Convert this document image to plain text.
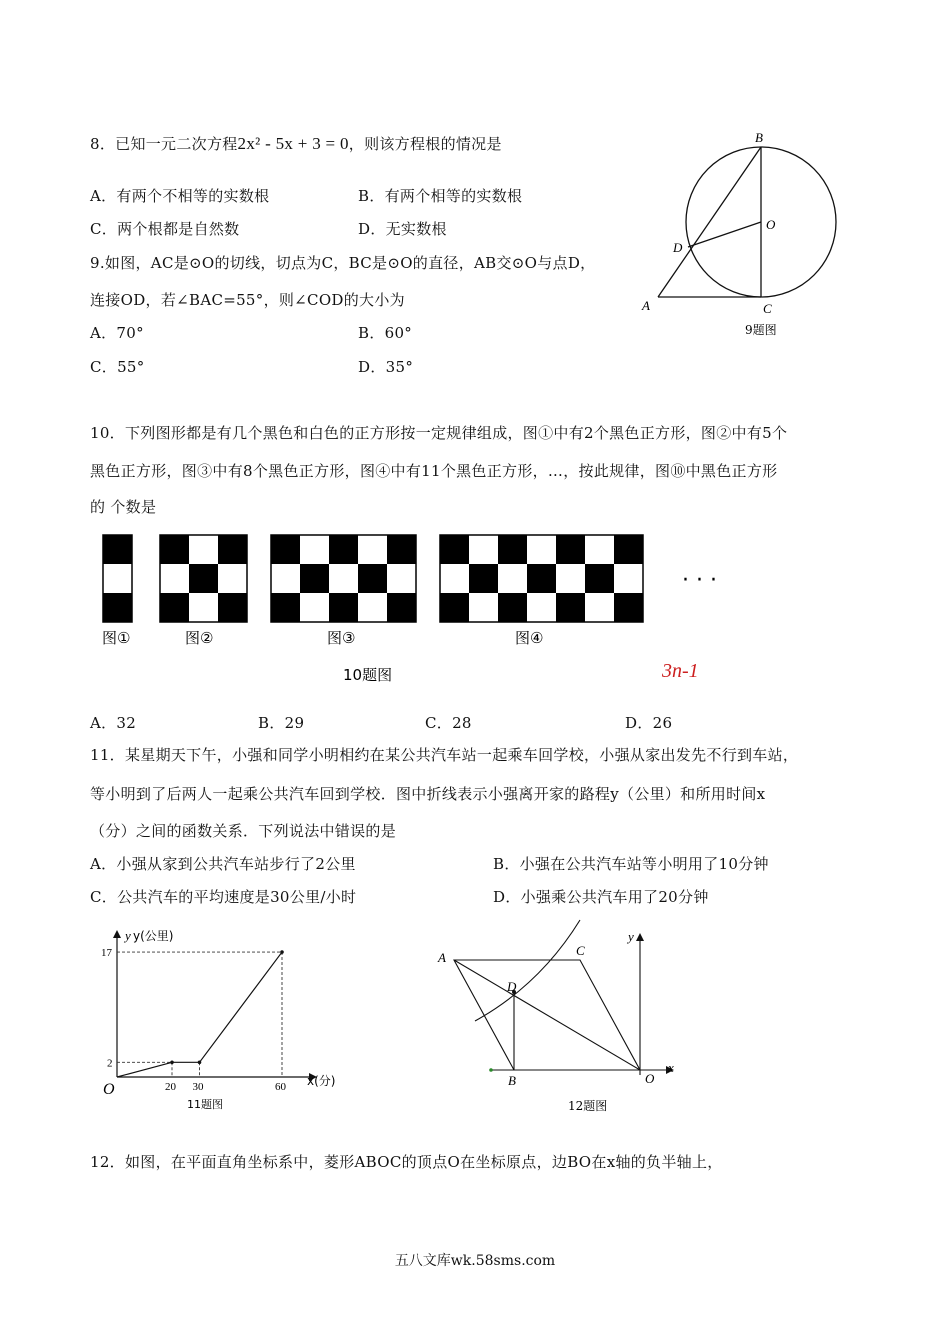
8．已知一元二次方程2x² - 5x + 3 = 0，则该方程根的情况是
A．有两个不相等的实数根	B．有两个相等的实数根
C．两个根都是自然数	D．无实数根
9.如图，AC是⊙O的切线，切点为C，BC是⊙O的直径，AB交⊙O与点D，
连接OD，若∠BAC=55°，则∠COD的大小为
A．70°	B．60°
C．55°	D．35°
B
O
D
A	C
9题图
10．下列图形都是有几个黑色和白色的正方形按一定规律组成，图①中有2个黑色正方形，图②中有5个
黑色正方形，图③中有8个黑色正方形，图④中有11个黑色正方形，…，按此规律，图⑩中黑色正方形
的 个数是
· · ·
图①	图②	图③	图④
10题图	3n-1
A．32	B．29	C．28	D．26
11．某星期天下午，小强和同学小明相约在某公共汽车站一起乘车回学校，小强从家出发先不行到车站，
等小明到了后两人一起乘公共汽车回到学校．图中折线表示小强离开家的路程y（公里）和所用时间x
（分）之间的函数关系．下列说法中错误的是
A．小强从家到公共汽车站步行了2公里	B．小强在公共汽车站等小明用了10分钟
C．公共汽车的平均速度是30公里/小时	D．小强乘公共汽车用了20分钟
20 30	60
2
17
y y(公里)
x(分)
O
11题图
A	C
D
B	O
x
y
12题图
12．如图，在平面直角坐标系中，菱形ABOC的顶点O在坐标原点，边BO在x轴的负半轴上，
五八文库wk.58sms.com
